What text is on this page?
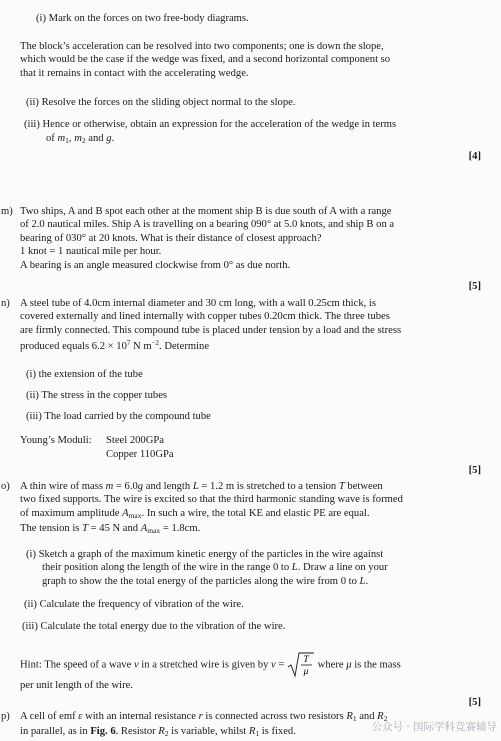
(i) Mark on the forces on two free-body diagrams.
The block’s acceleration can be resolved into two components; one is down the slope,
which would be the case if the wedge was fixed, and a second horizontal component so
that it remains in contact with the accelerating wedge.
(ii) Resolve the forces on the sliding object normal to the slope.
(iii) Hence or otherwise, obtain an expression for the acceleration of the wedge in terms
of $m_1$, $m_2$ and g.
[4]
m) Two ships, A and B spot each other at the moment ship B is due south of A with a range
of 2.0 nautical miles. Ship A is travelling on a bearing 090° at 5.0 knots, and ship B on a
bearing of 030° at 20 knots. What is their distance of closest approach?
1 knot = 1 nautical mile per hour.
A bearing is an angle measured clockwise from 0° as due north.
[5]
n) A steel tube of 4.0cm internal diameter and 30 cm long, with a wall 0.25cm thick, is
covered externally and lined internally with copper tubes 0.20cm thick. The three tubes
are firmly connected. This compound tube is placed under tension by a load and the stress
produced equals $6.2 \times 10^7$ N $m^{-2}$. Determine
(i) the extension of the tube
(ii) The stress in the copper tubes
(iii) The load carried by the compound tube
Young’s Moduli: Steel 200GPa
Copper 110GPa
[5]
o) A thin wire of mass m = 6.0g and length L = 1.2 m is stretched to a tension T between
two fixed supports. The wire is excited so that the third harmonic standing wave is formed
of maximum amplitude $A_{max}$. In such a wire, the total KE and elastic PE are equal.
The tension is T = 45 N and $A_{max} = 1.8cm$.
(i) Sketch a graph of the maximum kinetic energy of the particles in the wire against
their position along the length of the wire in the range 0 to L. Draw a line on your
graph to show the the total energy of the particles along the wire from 0 to L.
(ii) Calculate the frequency of vibration of the wire.
(iii) Calculate the total energy due to the vibration of the wire.
Hint: The speed of a wave v in a stretched wire is given by v = T
μ
where μ is the mass
per unit length of the wire.
[5]
p) A cell of emf ε with an internal resistance r is connected across two resistors $R_1$ and $R_2$
in parallel, as in Fig. 6. Resistor $R_2$ is variable, whilst $R_1$ is fixed.	公众号 · 国际学科竞赛辅导
